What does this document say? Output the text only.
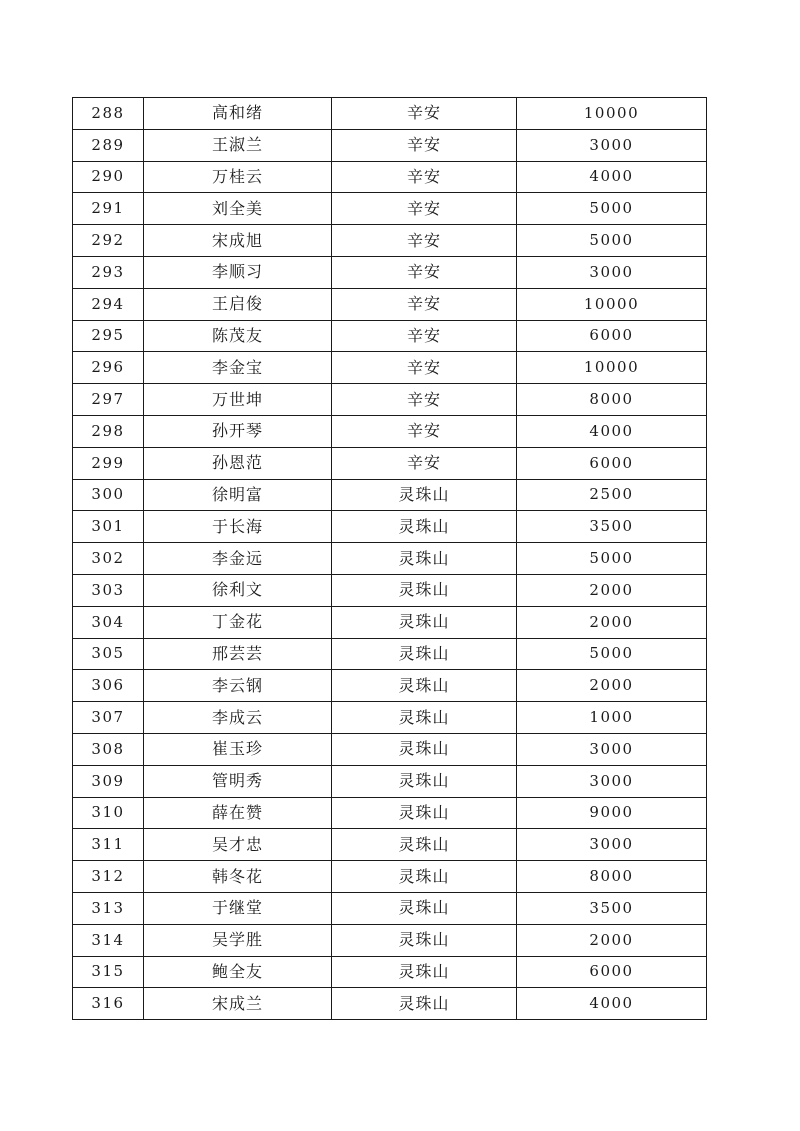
288	高和绪	辛安	10000
289	王淑兰	辛安	3000
290	万桂云	辛安	4000
291	刘全美	辛安	5000
292	宋成旭	辛安	5000
293	李顺习	辛安	3000
294	王启俊	辛安	10000
295	陈茂友	辛安	6000
296	李金宝	辛安	10000
297	万世坤	辛安	8000
298	孙开琴	辛安	4000
299	孙恩范	辛安	6000
300	徐明富	灵珠山	2500
301	于长海	灵珠山	3500
302	李金远	灵珠山	5000
303	徐利文	灵珠山	2000
304	丁金花	灵珠山	2000
305	邢芸芸	灵珠山	5000
306	李云钢	灵珠山	2000
307	李成云	灵珠山	1000
308	崔玉珍	灵珠山	3000
309	管明秀	灵珠山	3000
310	薛在赞	灵珠山	9000
311	吴才忠	灵珠山	3000
312	韩冬花	灵珠山	8000
313	于继堂	灵珠山	3500
314	吴学胜	灵珠山	2000
315	鲍全友	灵珠山	6000
316	宋成兰	灵珠山	4000
